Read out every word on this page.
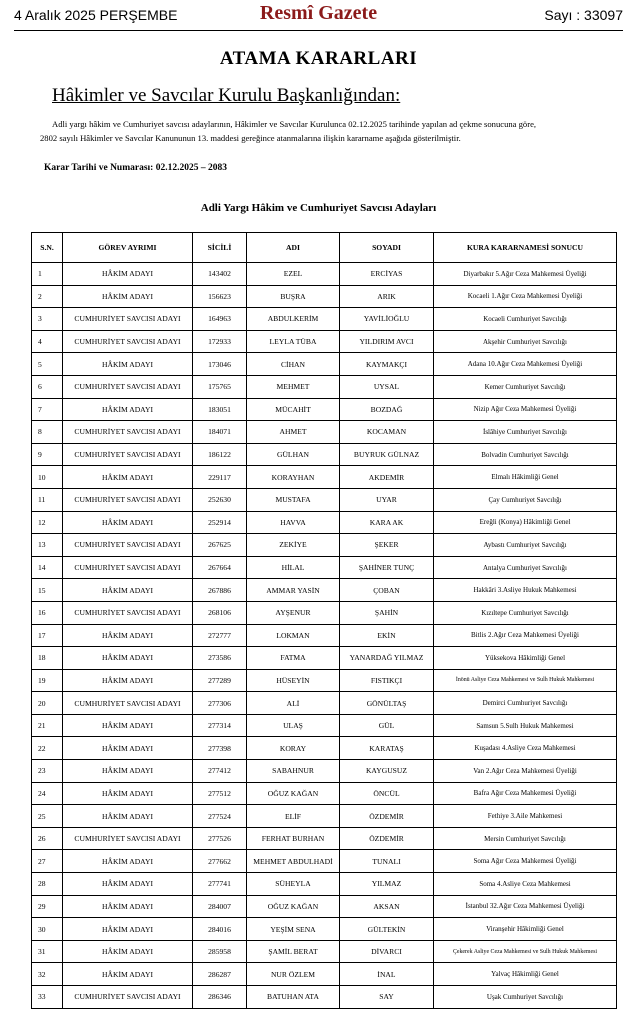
4 Aralık 2025 PERŞEMBE	Resmî Gazete	Sayı : 33097
ATAMA KARARLARI
Hâkimler ve Savcılar Kurulu Başkanlığından:
Adli yargı hâkim ve Cumhuriyet savcısı adaylarının, Hâkimler ve Savcılar Kurulunca 02.12.2025 tarihinde yapılan ad çekme sonucuna göre,
2802 sayılı Hâkimler ve Savcılar Kanununun 13. maddesi gereğince atanmalarına ilişkin kararname aşağıda gösterilmiştir.
Karar Tarihi ve Numarası: 02.12.2025 – 2083
Adli Yargı Hâkim ve Cumhuriyet Savcısı Adayları
S.N.	GÖREV AYRIMI	SİCİLİ	ADI	SOYADI	KURA KARARNAMESİ SONUCU
1	HÂKİM ADAYI	143402	EZEL	ERCİYAS	Diyarbakır 5.Ağır Ceza Mahkemesi Üyeliği
2	HÂKİM ADAYI	156623	BUŞRA	ARIK	Kocaeli 1.Ağır Ceza Mahkemesi Üyeliği
3	CUMHURİYET SAVCISI ADAYI	164963	ABDULKERİM	YAVİLİOĞLU	Kocaeli Cumhuriyet Savcılığı
4	CUMHURİYET SAVCISI ADAYI	172933	LEYLA TÜBA	YILDIRIM AVCI	Akşehir Cumhuriyet Savcılığı
5	HÂKİM ADAYI	173046	CİHAN	KAYMAKÇI	Adana 10.Ağır Ceza Mahkemesi Üyeliği
6	CUMHURİYET SAVCISI ADAYI	175765	MEHMET	UYSAL	Kemer Cumhuriyet Savcılığı
7	HÂKİM ADAYI	183051	MÜCAHİT	BOZDAĞ	Nizip Ağır Ceza Mahkemesi Üyeliği
8	CUMHURİYET SAVCISI ADAYI	184071	AHMET	KOCAMAN	İslâhiye Cumhuriyet Savcılığı
9	CUMHURİYET SAVCISI ADAYI	186122	GÜLHAN	BUYRUK GÜLNAZ	Bolvadin Cumhuriyet Savcılığı
10	HÂKİM ADAYI	229117	KORAYHAN	AKDEMİR	Elmalı Hâkimliği Genel
11	CUMHURİYET SAVCISI ADAYI	252630	MUSTAFA	UYAR	Çay Cumhuriyet Savcılığı
12	HÂKİM ADAYI	252914	HAVVA	KARA AK	Ereğli (Konya) Hâkimliği Genel
13	CUMHURİYET SAVCISI ADAYI	267625	ZEKİYE	ŞEKER	Aybastı Cumhuriyet Savcılığı
14	CUMHURİYET SAVCISI ADAYI	267664	HİLAL	ŞAHİNER TUNÇ	Antalya Cumhuriyet Savcılığı
15	HÂKİM ADAYI	267886	AMMAR YASİN	ÇOBAN	Hakkâri 3.Asliye Hukuk Mahkemesi
16	CUMHURİYET SAVCISI ADAYI	268106	AYŞENUR	ŞAHİN	Kızıltepe Cumhuriyet Savcılığı
17	HÂKİM ADAYI	272777	LOKMAN	EKİN	Bitlis 2.Ağır Ceza Mahkemesi Üyeliği
18	HÂKİM ADAYI	273586	FATMA	YANARDAĞ YILMAZ	Yüksekova Hâkimliği Genel
19	HÂKİM ADAYI	277289	HÜSEYİN	FISTIKÇI	İnönü Asliye Ceza Mahkemesi ve Sulh Hukuk Mahkemesi
20	CUMHURİYET SAVCISI ADAYI	277306	ALİ	GÖNÜLTAŞ	Demirci Cumhuriyet Savcılığı
21	HÂKİM ADAYI	277314	ULAŞ	GÜL	Samsun 5.Sulh Hukuk Mahkemesi
22	HÂKİM ADAYI	277398	KORAY	KARATAŞ	Kuşadası 4.Asliye Ceza Mahkemesi
23	HÂKİM ADAYI	277412	SABAHNUR	KAYGUSUZ	Van 2.Ağır Ceza Mahkemesi Üyeliği
24	HÂKİM ADAYI	277512	OĞUZ KAĞAN	ÖNCÜL	Bafra Ağır Ceza Mahkemesi Üyeliği
25	HÂKİM ADAYI	277524	ELİF	ÖZDEMİR	Fethiye 3.Aile Mahkemesi
26	CUMHURİYET SAVCISI ADAYI	277526	FERHAT BURHAN	ÖZDEMİR	Mersin Cumhuriyet Savcılığı
27	HÂKİM ADAYI	277662	MEHMET ABDULHADİ	TUNALI	Soma Ağır Ceza Mahkemesi Üyeliği
28	HÂKİM ADAYI	277741	SÜHEYLA	YILMAZ	Soma 4.Asliye Ceza Mahkemesi
29	HÂKİM ADAYI	284007	OĞUZ KAĞAN	AKSAN	İstanbul 32.Ağır Ceza Mahkemesi Üyeliği
30	HÂKİM ADAYI	284016	YEŞİM SENA	GÜLTEKİN	Viranşehir Hâkimliği Genel
31	HÂKİM ADAYI	285958	ŞAMİL BERAT	DİVARCI	Çekerek Asliye Ceza Mahkemesi ve Sulh Hukuk Mahkemesi
32	HÂKİM ADAYI	286287	NUR ÖZLEM	İNAL	Yalvaç Hâkimliği Genel
33	CUMHURİYET SAVCISI ADAYI	286346	BATUHAN ATA	SAY	Uşak Cumhuriyet Savcılığı
